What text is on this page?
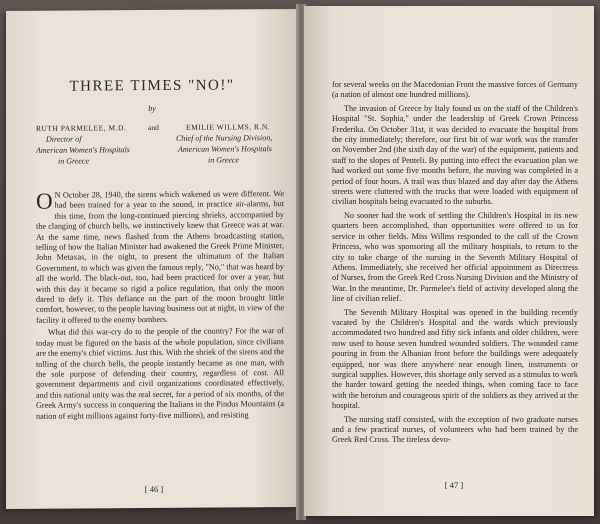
THREE TIMES "NO!"
by
RUTH PARMELEE, M.D.
Director of
American Women's Hospitals
in Greece
and	EMILIE WILLMS, R.N.
Chief of the Nursing Division,
American Women's Hospitals
in Greece

O N October 28, 1940, the sirens which wakened us were different. We had been trained for a year to the sound, in practice air-alarms, but this time, from the long-continued piercing shrieks, accompanied by the clanging of church bells, we instinctively knew that Greece was at war. At the same time, news flashed from the Athens broadcasting station, telling of how the Italian Minister had awakened the Greek Prime Minister, John Metaxas, in the night, to present the ultimatum of the Italian Government, to which was given the famous reply, "No," that was heard by all the world. The black-out, too, had been practiced for over a year, but with this day it became so rigid a police regulation, that only the moon dared to defy it. This defiance on the part of the moon brought little comfort, however, to the people having business out at night, in view of the facility it offered to the enemy bombers.

What did this war-cry do to the people of the country? For the war of today must be figured on the basis of the whole population, since civilians are the enemy's chief victims. Just this. With the shriek of the sirens and the tolling of the church bells, the people instantly became as one man, with the sole purpose of defending their country, regardless of cost. All government departments and civil organizations coordinated effectively, and this national unity was the real secret, for a period of six months, of the Greek Army's success in conquering the Italians in the Pindus Mountains (a nation of eight millions against forty-five millions), and resisting

[ 46 ]

for several weeks on the Macedonian Front the massive forces of Germany (a nation of almost one hundred millions).

The invasion of Greece by Italy found us on the staff of the Children's Hospital "St. Sophia," under the leadership of Greek Crown Princess Frederika. On October 31st, it was decided to evacuate the hospital from the city immediately; therefore, our first bit of war work was the transfer on November 2nd (the sixth day of the war) of the equipment, patients and staff to the slopes of Penteli. By putting into effect the evacuation plan we had worked out some five months before, the moving was completed in a period of four hours. A trail was thus blazed and day after day the Athens streets were cluttered with the trucks that were loaded with equipment of civilian hospitals being evacuated to the suburbs.

No sooner had the work of settling the Children's Hospital in its new quarters been accomplished, than opportunities were offered to us for service in other fields. Miss Willms responded to the call of the Crown Princess, who was sponsoring all the military hospitals, to return to the city to take charge of the nursing in the Seventh Military Hospital of Athens. Immediately, she received her official appointment as Directress of Nurses, from the Greek Red Cross Nursing Division and the Ministry of War. In the meantime, Dr. Parmelee's field of activity developed along the line of civilian relief.

The Seventh Military Hospital was opened in the building recently vacated by the Children's Hospital and the wards which previously accommodated two hundred and fifty sick infants and older children, were now used to house seven hundred wounded soldiers. The wounded came pouring in from the Albanian front before the buildings were adequately equipped, nor was there anywhere near enough linen, instruments or surgical supplies. However, this shortage only served as a stimulus to work the harder toward getting the needed things, when coming face to face with the heroism and courageous spirit of the soldiers as they arrived at the hospital.

The nursing staff consisted, with the exception of two graduate nurses and a few practical nurses, of volunteers who had been trained by the Greek Red Cross. The tireless devo-

[ 47 ]
